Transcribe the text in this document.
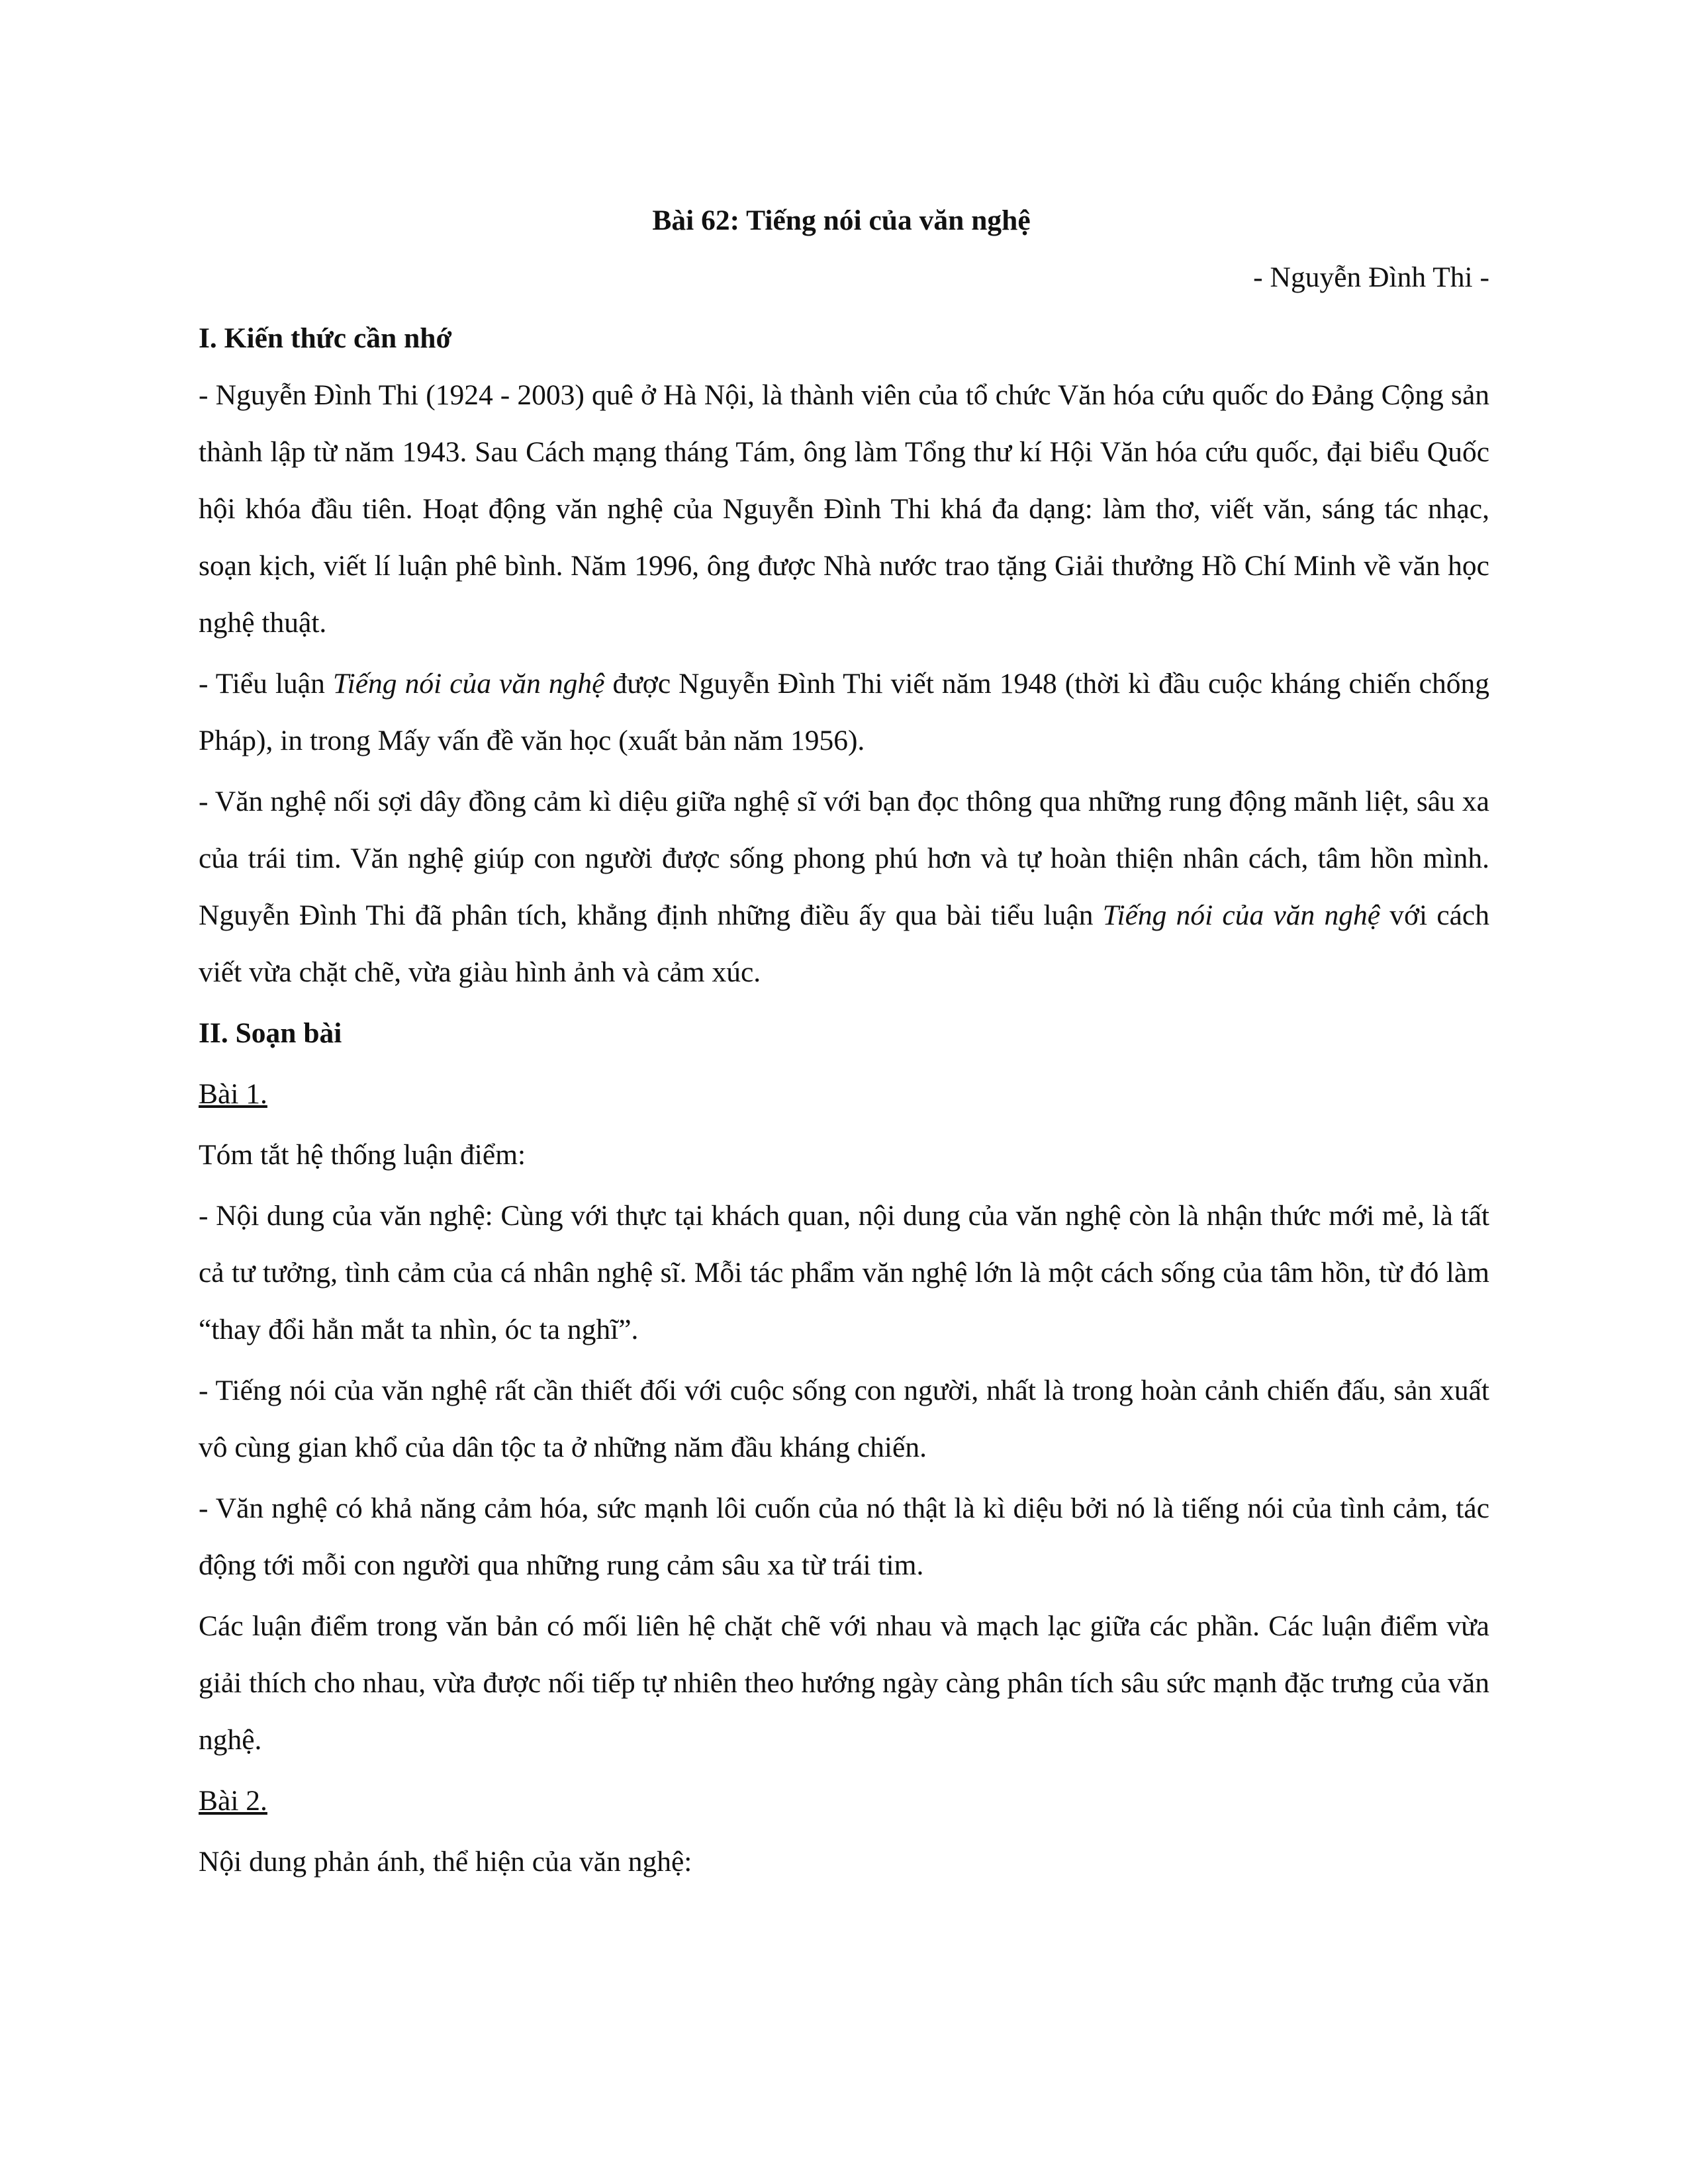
Bài 62: Tiếng nói của văn nghệ

- Nguyễn Đình Thi -

I. Kiến thức cần nhớ

- Nguyễn Đình Thi (1924 - 2003) quê ở Hà Nội, là thành viên của tổ chức Văn hóa cứu quốc do Đảng Cộng sản thành lập từ năm 1943. Sau Cách mạng tháng Tám, ông làm Tổng thư kí Hội Văn hóa cứu quốc, đại biểu Quốc hội khóa đầu tiên. Hoạt động văn nghệ của Nguyễn Đình Thi khá đa dạng: làm thơ, viết văn, sáng tác nhạc, soạn kịch, viết lí luận phê bình. Năm 1996, ông được Nhà nước trao tặng Giải thưởng Hồ Chí Minh về văn học nghệ thuật.

- Tiểu luận Tiếng nói của văn nghệ được Nguyễn Đình Thi viết năm 1948 (thời kì đầu cuộc kháng chiến chống Pháp), in trong Mấy vấn đề văn học (xuất bản năm 1956).

- Văn nghệ nối sợi dây đồng cảm kì diệu giữa nghệ sĩ với bạn đọc thông qua những rung động mãnh liệt, sâu xa của trái tim. Văn nghệ giúp con người được sống phong phú hơn và tự hoàn thiện nhân cách, tâm hồn mình. Nguyễn Đình Thi đã phân tích, khẳng định những điều ấy qua bài tiểu luận Tiếng nói của văn nghệ với cách viết vừa chặt chẽ, vừa giàu hình ảnh và cảm xúc.

II. Soạn bài

Bài 1.

Tóm tắt hệ thống luận điểm:

- Nội dung của văn nghệ: Cùng với thực tại khách quan, nội dung của văn nghệ còn là nhận thức mới mẻ, là tất cả tư tưởng, tình cảm của cá nhân nghệ sĩ. Mỗi tác phẩm văn nghệ lớn là một cách sống của tâm hồn, từ đó làm “thay đổi hẳn mắt ta nhìn, óc ta nghĩ”.

- Tiếng nói của văn nghệ rất cần thiết đối với cuộc sống con người, nhất là trong hoàn cảnh chiến đấu, sản xuất vô cùng gian khổ của dân tộc ta ở những năm đầu kháng chiến.

- Văn nghệ có khả năng cảm hóa, sức mạnh lôi cuốn của nó thật là kì diệu bởi nó là tiếng nói của tình cảm, tác động tới mỗi con người qua những rung cảm sâu xa từ trái tim.

Các luận điểm trong văn bản có mối liên hệ chặt chẽ với nhau và mạch lạc giữa các phần. Các luận điểm vừa giải thích cho nhau, vừa được nối tiếp tự nhiên theo hướng ngày càng phân tích sâu sức mạnh đặc trưng của văn nghệ.

Bài 2.

Nội dung phản ánh, thể hiện của văn nghệ:
